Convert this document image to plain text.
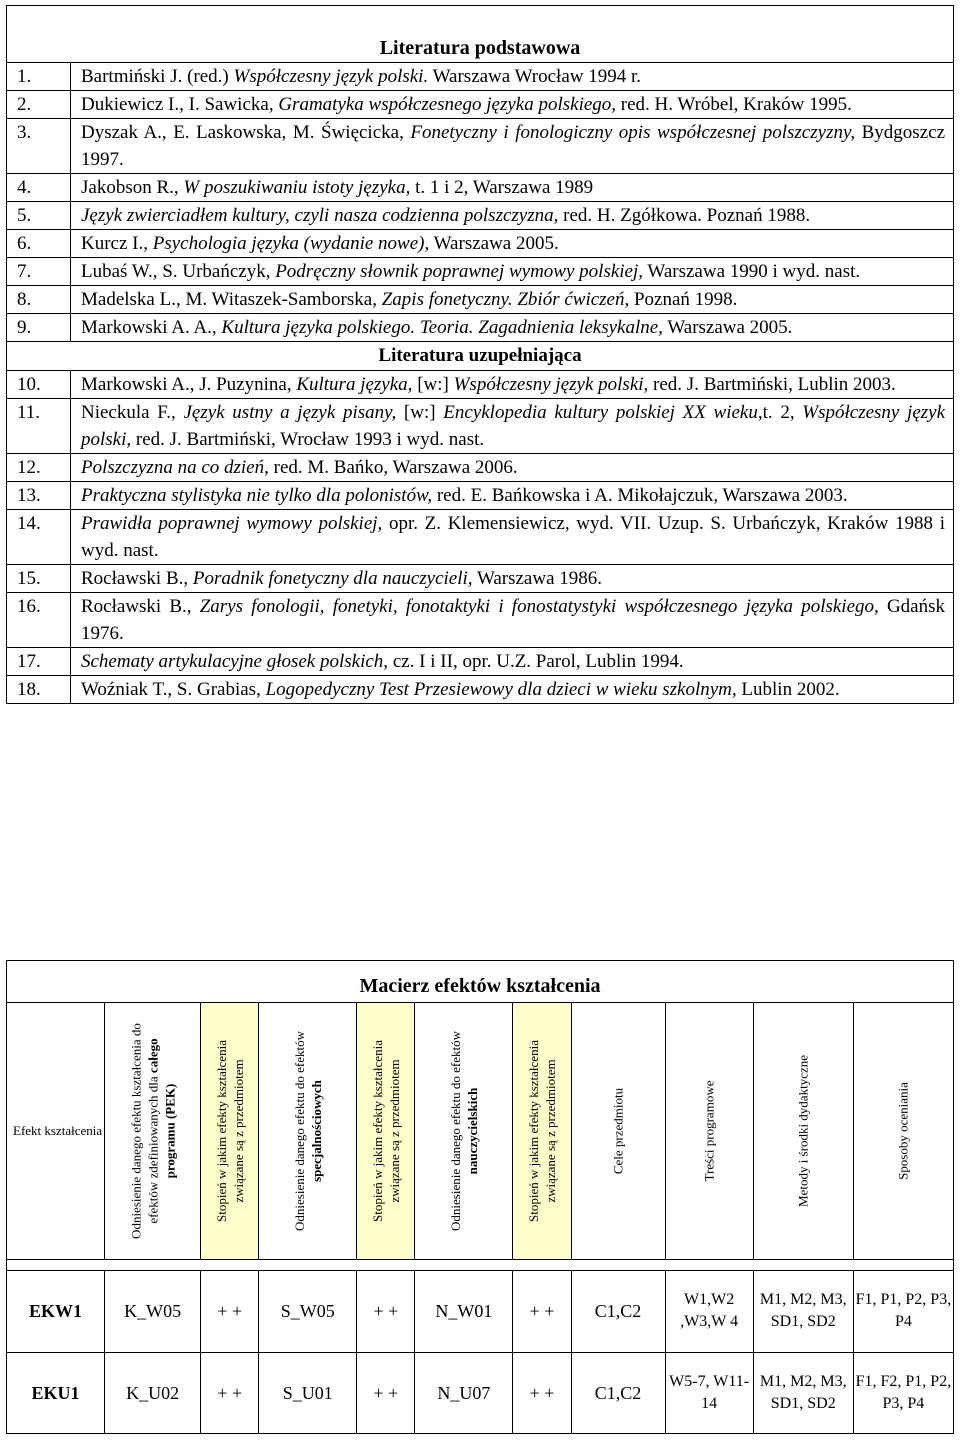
Literatura podstawowa	
1.	Bartmiński J. (red.) Współczesny język polski. Warszawa Wrocław 1994 r.
2.	Dukiewicz I., I. Sawicka, Gramatyka współczesnego języka polskiego, red. H. Wróbel, Kraków 1995.
3.	Dyszak A., E. Laskowska, M. Święcicka, Fonetyczny i fonologiczny opis współczesnej polszczyzny, Bydgoszcz 1997.
4.	Jakobson R., W poszukiwaniu istoty języka, t. 1 i 2, Warszawa 1989
5.	Język zwierciadłem kultury, czyli nasza codzienna polszczyzna, red. H. Zgółkowa. Poznań 1988.
6.	Kurcz I., Psychologia języka (wydanie nowe), Warszawa 2005.
7.	Lubaś W., S. Urbańczyk, Podręczny słownik poprawnej wymowy polskiej, Warszawa 1990 i wyd. nast.
8.	Madelska L., M. Witaszek-Samborska, Zapis fonetyczny. Zbiór ćwiczeń, Poznań 1998.
9.	Markowski A. A., Kultura języka polskiego. Teoria. Zagadnienia leksykalne, Warszawa 2005.
Literatura uzupełniająca	
10.	Markowski A., J. Puzynina, Kultura języka, [w:] Współczesny język polski, red. J. Bartmiński, Lublin 2003.
11.	Nieckula F., Język ustny a język pisany, [w:] Encyklopedia kultury polskiej XX wieku,t. 2, Współczesny język polski, red. J. Bartmiński, Wrocław 1993 i wyd. nast.
12.	Polszczyzna na co dzień, red. M. Bańko, Warszawa 2006.
13.	Praktyczna stylistyka nie tylko dla polonistów, red. E. Bańkowska i A. Mikołajczuk, Warszawa 2003.
14.	Prawidła poprawnej wymowy polskiej, opr. Z. Klemensiewicz, wyd. VII. Uzup. S. Urbańczyk, Kraków 1988 i wyd. nast.
15.	Rocławski B., Poradnik fonetyczny dla nauczycieli, Warszawa 1986.
16.	Rocławski B., Zarys fonologii, fonetyki, fonotaktyki i fonostatystyki współczesnego języka polskiego, Gdańsk 1976.
17.	Schematy artykulacyjne głosek polskich, cz. I i II, opr. U.Z. Parol, Lublin 1994.
18.	Woźniak T., S. Grabias, Logopedyczny Test Przesiewowy dla dzieci w wieku szkolnym, Lublin 2002.
Macierz efektów kształcenia										
Efekt kształcenia	Odniesienie danego efektu kształcenia do efektów zdefiniowanych dla całego programu (PEK)	Stopień w jakim efekty kształcenia związane są z przedmiotem	Odniesienie danego efektu do efektów specjalnościowych	Stopień w jakim efekty kształcenia związane są z przedmiotem	Odniesienie danego efektu do efektów nauczycielskich	Stopień w jakim efekty kształcenia związane są z przedmiotem	Cele przedmiotu	Treści programowe	Metody i środki dydaktyczne	Sposoby oceniania

EKW1	K_W05	+ +	S_W05	+ +	N_W01	+ +	C1,C2	W1,W2 ,W3,W 4	M1, M2, M3, SD1, SD2	F1, P1, P2, P3, P4
EKU1	K_U02	+ +	S_U01	+ +	N_U07	+ +	C1,C2	W5-7, W11- 14	M1, M2, M3, SD1, SD2	F1, F2, P1, P2, P3, P4
